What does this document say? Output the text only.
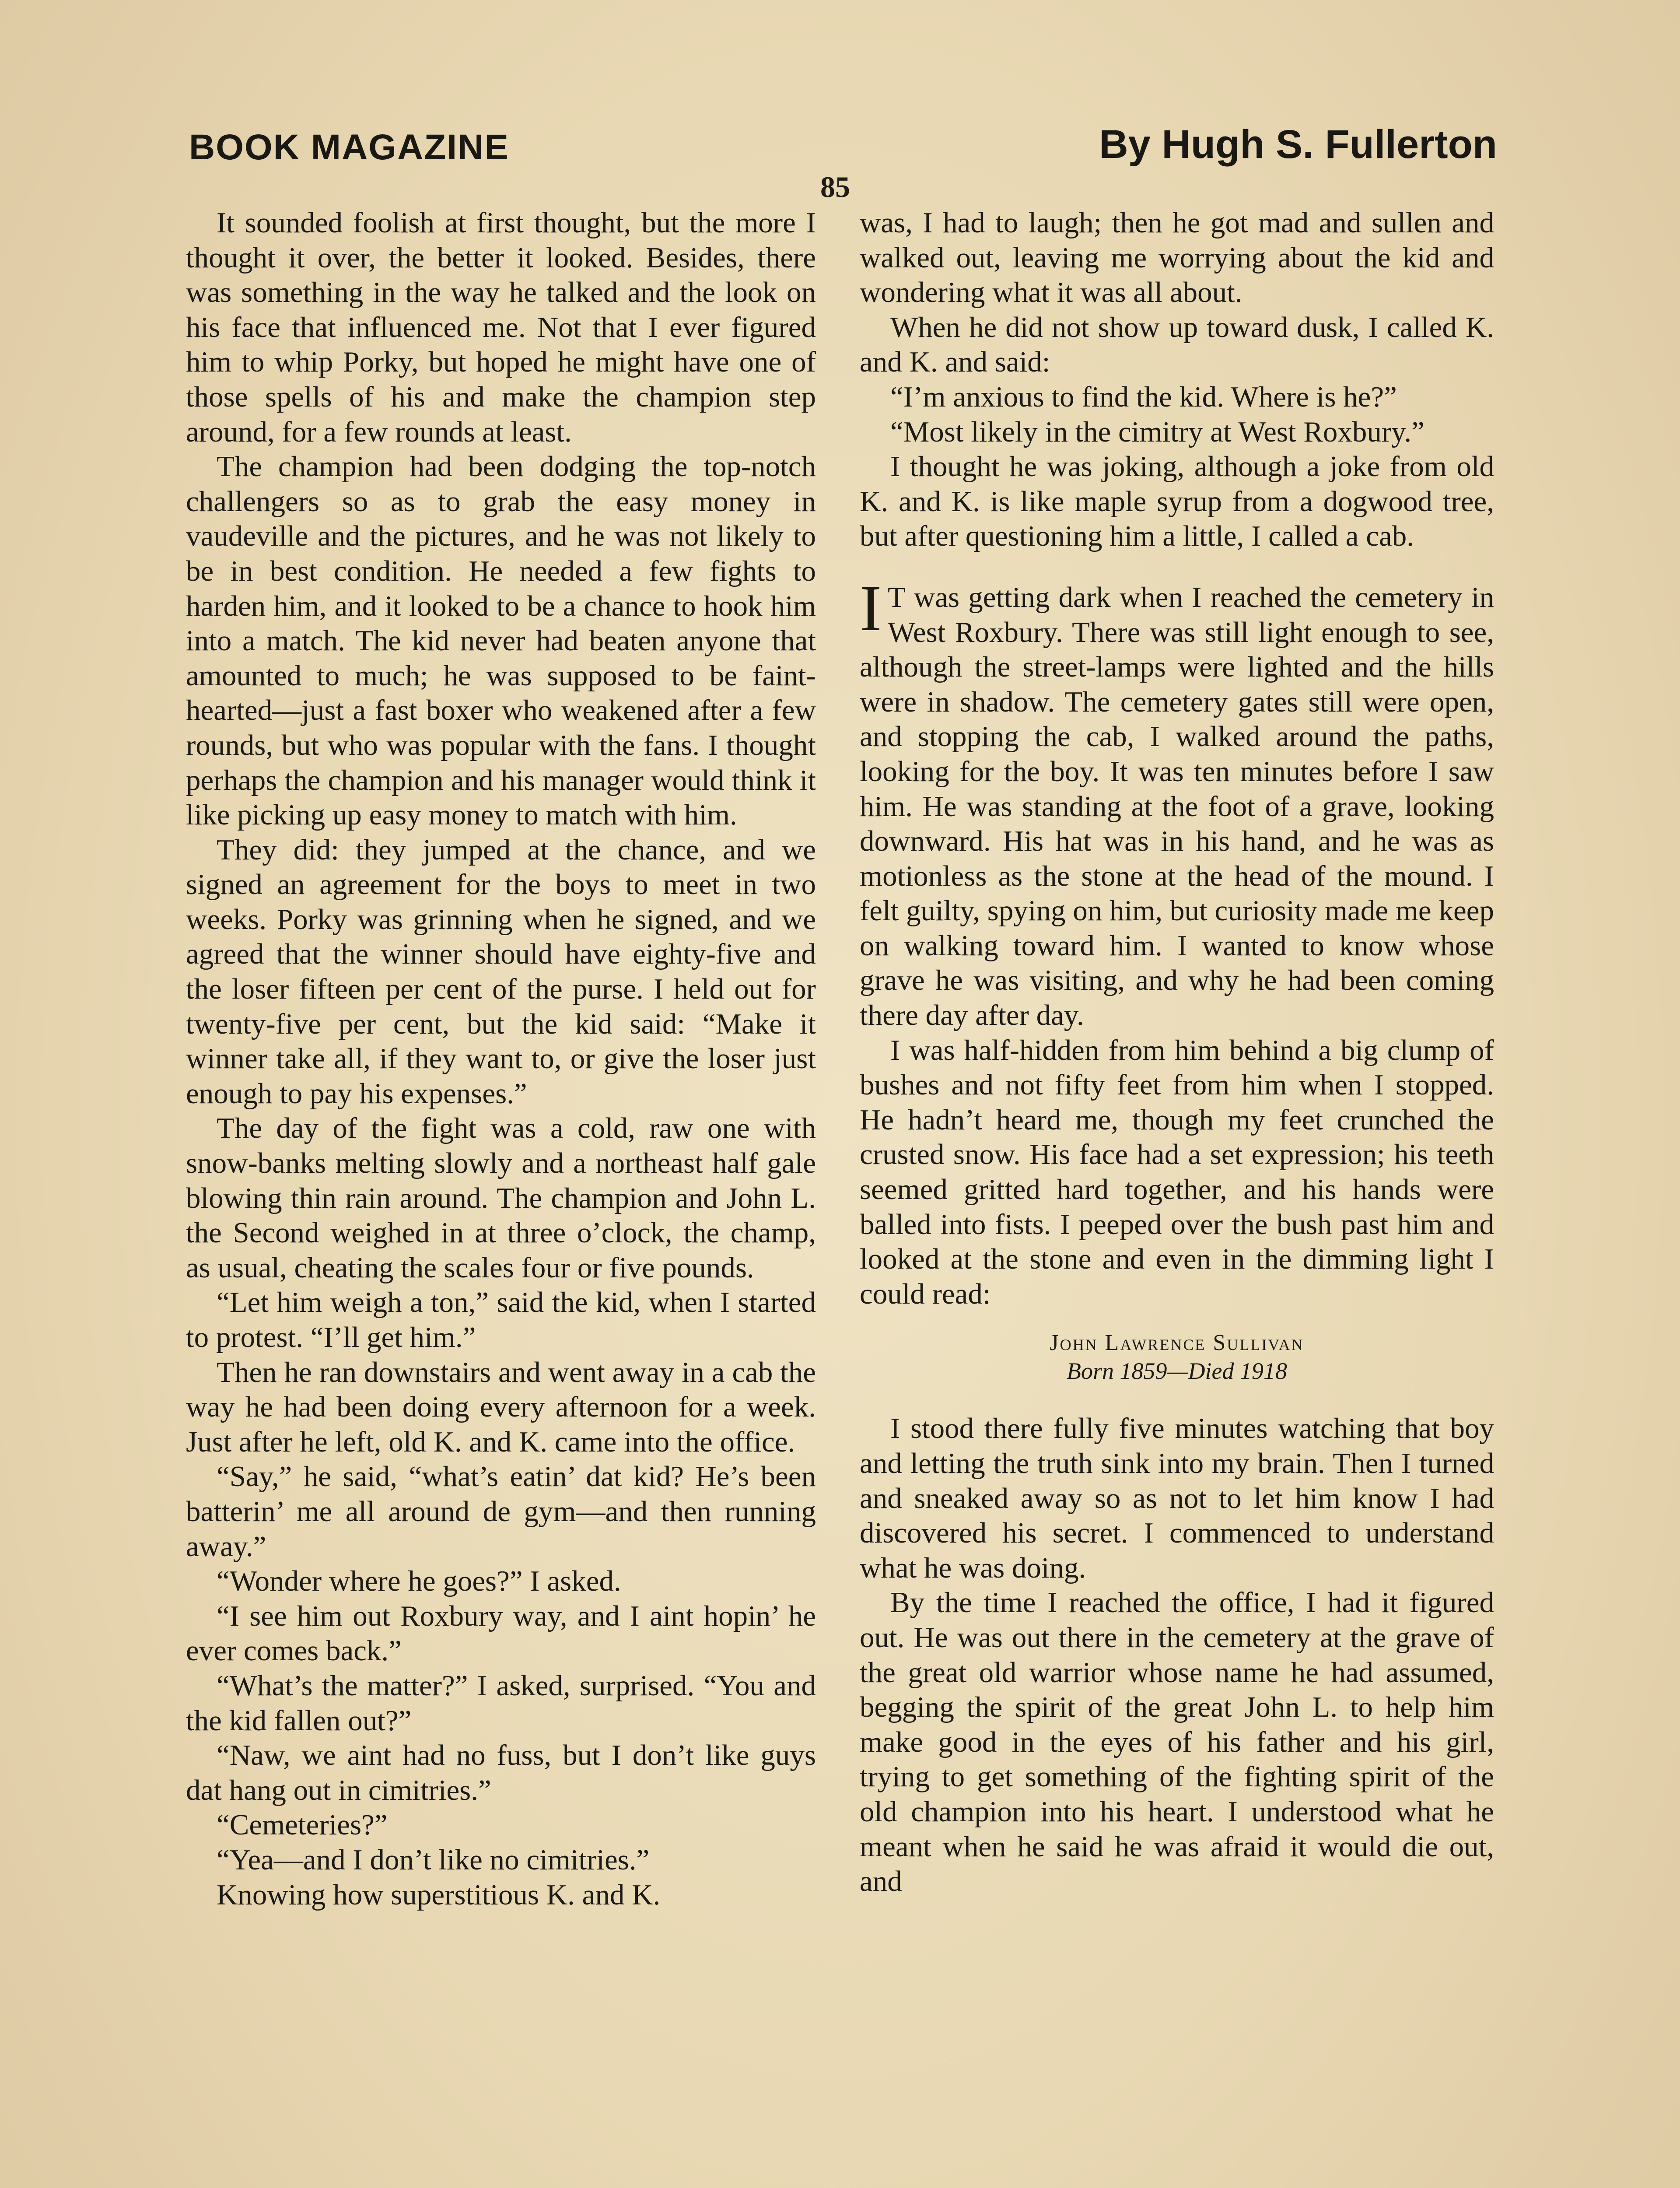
BOOK MAGAZINE	By Hugh S. Fullerton
85

It sounded foolish at first thought, but the more I thought it over, the better it looked. Besides, there was something in the way he talked and the look on his face that influenced me. Not that I ever figured him to whip Porky, but hoped he might have one of those spells of his and make the champion step around, for a few rounds at least.

The champion had been dodging the top-notch challengers so as to grab the easy money in vaudeville and the pictures, and he was not likely to be in best condition. He needed a few fights to harden him, and it looked to be a chance to hook him into a match. The kid never had beaten anyone that amounted to much; he was supposed to be faint-hearted—just a fast boxer who weakened after a few rounds, but who was popular with the fans. I thought perhaps the champion and his manager would think it like picking up easy money to match with him.

They did: they jumped at the chance, and we signed an agreement for the boys to meet in two weeks. Porky was grinning when he signed, and we agreed that the winner should have eighty-five and the loser fifteen per cent of the purse. I held out for twenty-five per cent, but the kid said: “Make it winner take all, if they want to, or give the loser just enough to pay his expenses.”

The day of the fight was a cold, raw one with snow-banks melting slowly and a northeast half gale blowing thin rain around. The champion and John L. the Second weighed in at three o’clock, the champ, as usual, cheating the scales four or five pounds.

“Let him weigh a ton,” said the kid, when I started to protest. “I’ll get him.”

Then he ran downstairs and went away in a cab the way he had been doing every afternoon for a week. Just after he left, old K. and K. came into the office.

“Say,” he said, “what’s eatin’ dat kid? He’s been batterin’ me all around de gym—and then running away.”

“Wonder where he goes?” I asked.

“I see him out Roxbury way, and I aint hopin’ he ever comes back.”

“What’s the matter?” I asked, surprised. “You and the kid fallen out?”

“Naw, we aint had no fuss, but I don’t like guys dat hang out in cimitries.”

“Cemeteries?”

“Yea—and I don’t like no cimitries.”

Knowing how superstitious K. and K.

was, I had to laugh; then he got mad and sullen and walked out, leaving me worrying about the kid and wondering what it was all about.

When he did not show up toward dusk, I called K. and K. and said:

“I’m anxious to find the kid. Where is he?”

“Most likely in the cimitry at West Roxbury.”

I thought he was joking, although a joke from old K. and K. is like maple syrup from a dogwood tree, but after questioning him a little, I called a cab.

I T was getting dark when I reached the cemetery in West Roxbury. There was still light enough to see, although the street-lamps were lighted and the hills were in shadow. The cemetery gates still were open, and stopping the cab, I walked around the paths, looking for the boy. It was ten minutes before I saw him. He was standing at the foot of a grave, looking downward. His hat was in his hand, and he was as motionless as the stone at the head of the mound. I felt guilty, spying on him, but curiosity made me keep on walking toward him. I wanted to know whose grave he was visiting, and why he had been coming there day after day.

I was half-hidden from him behind a big clump of bushes and not fifty feet from him when I stopped. He hadn’t heard me, though my feet crunched the crusted snow. His face had a set expression; his teeth seemed gritted hard together, and his hands were balled into fists. I peeped over the bush past him and looked at the stone and even in the dimming light I could read:

John Lawrence Sullivan
Born 1859—Died 1918

I stood there fully five minutes watching that boy and letting the truth sink into my brain. Then I turned and sneaked away so as not to let him know I had discovered his secret. I commenced to understand what he was doing.

By the time I reached the office, I had it figured out. He was out there in the cemetery at the grave of the great old warrior whose name he had assumed, begging the spirit of the great John L. to help him make good in the eyes of his father and his girl, trying to get something of the fighting spirit of the old champion into his heart. I understood what he meant when he said he was afraid it would die out, and
